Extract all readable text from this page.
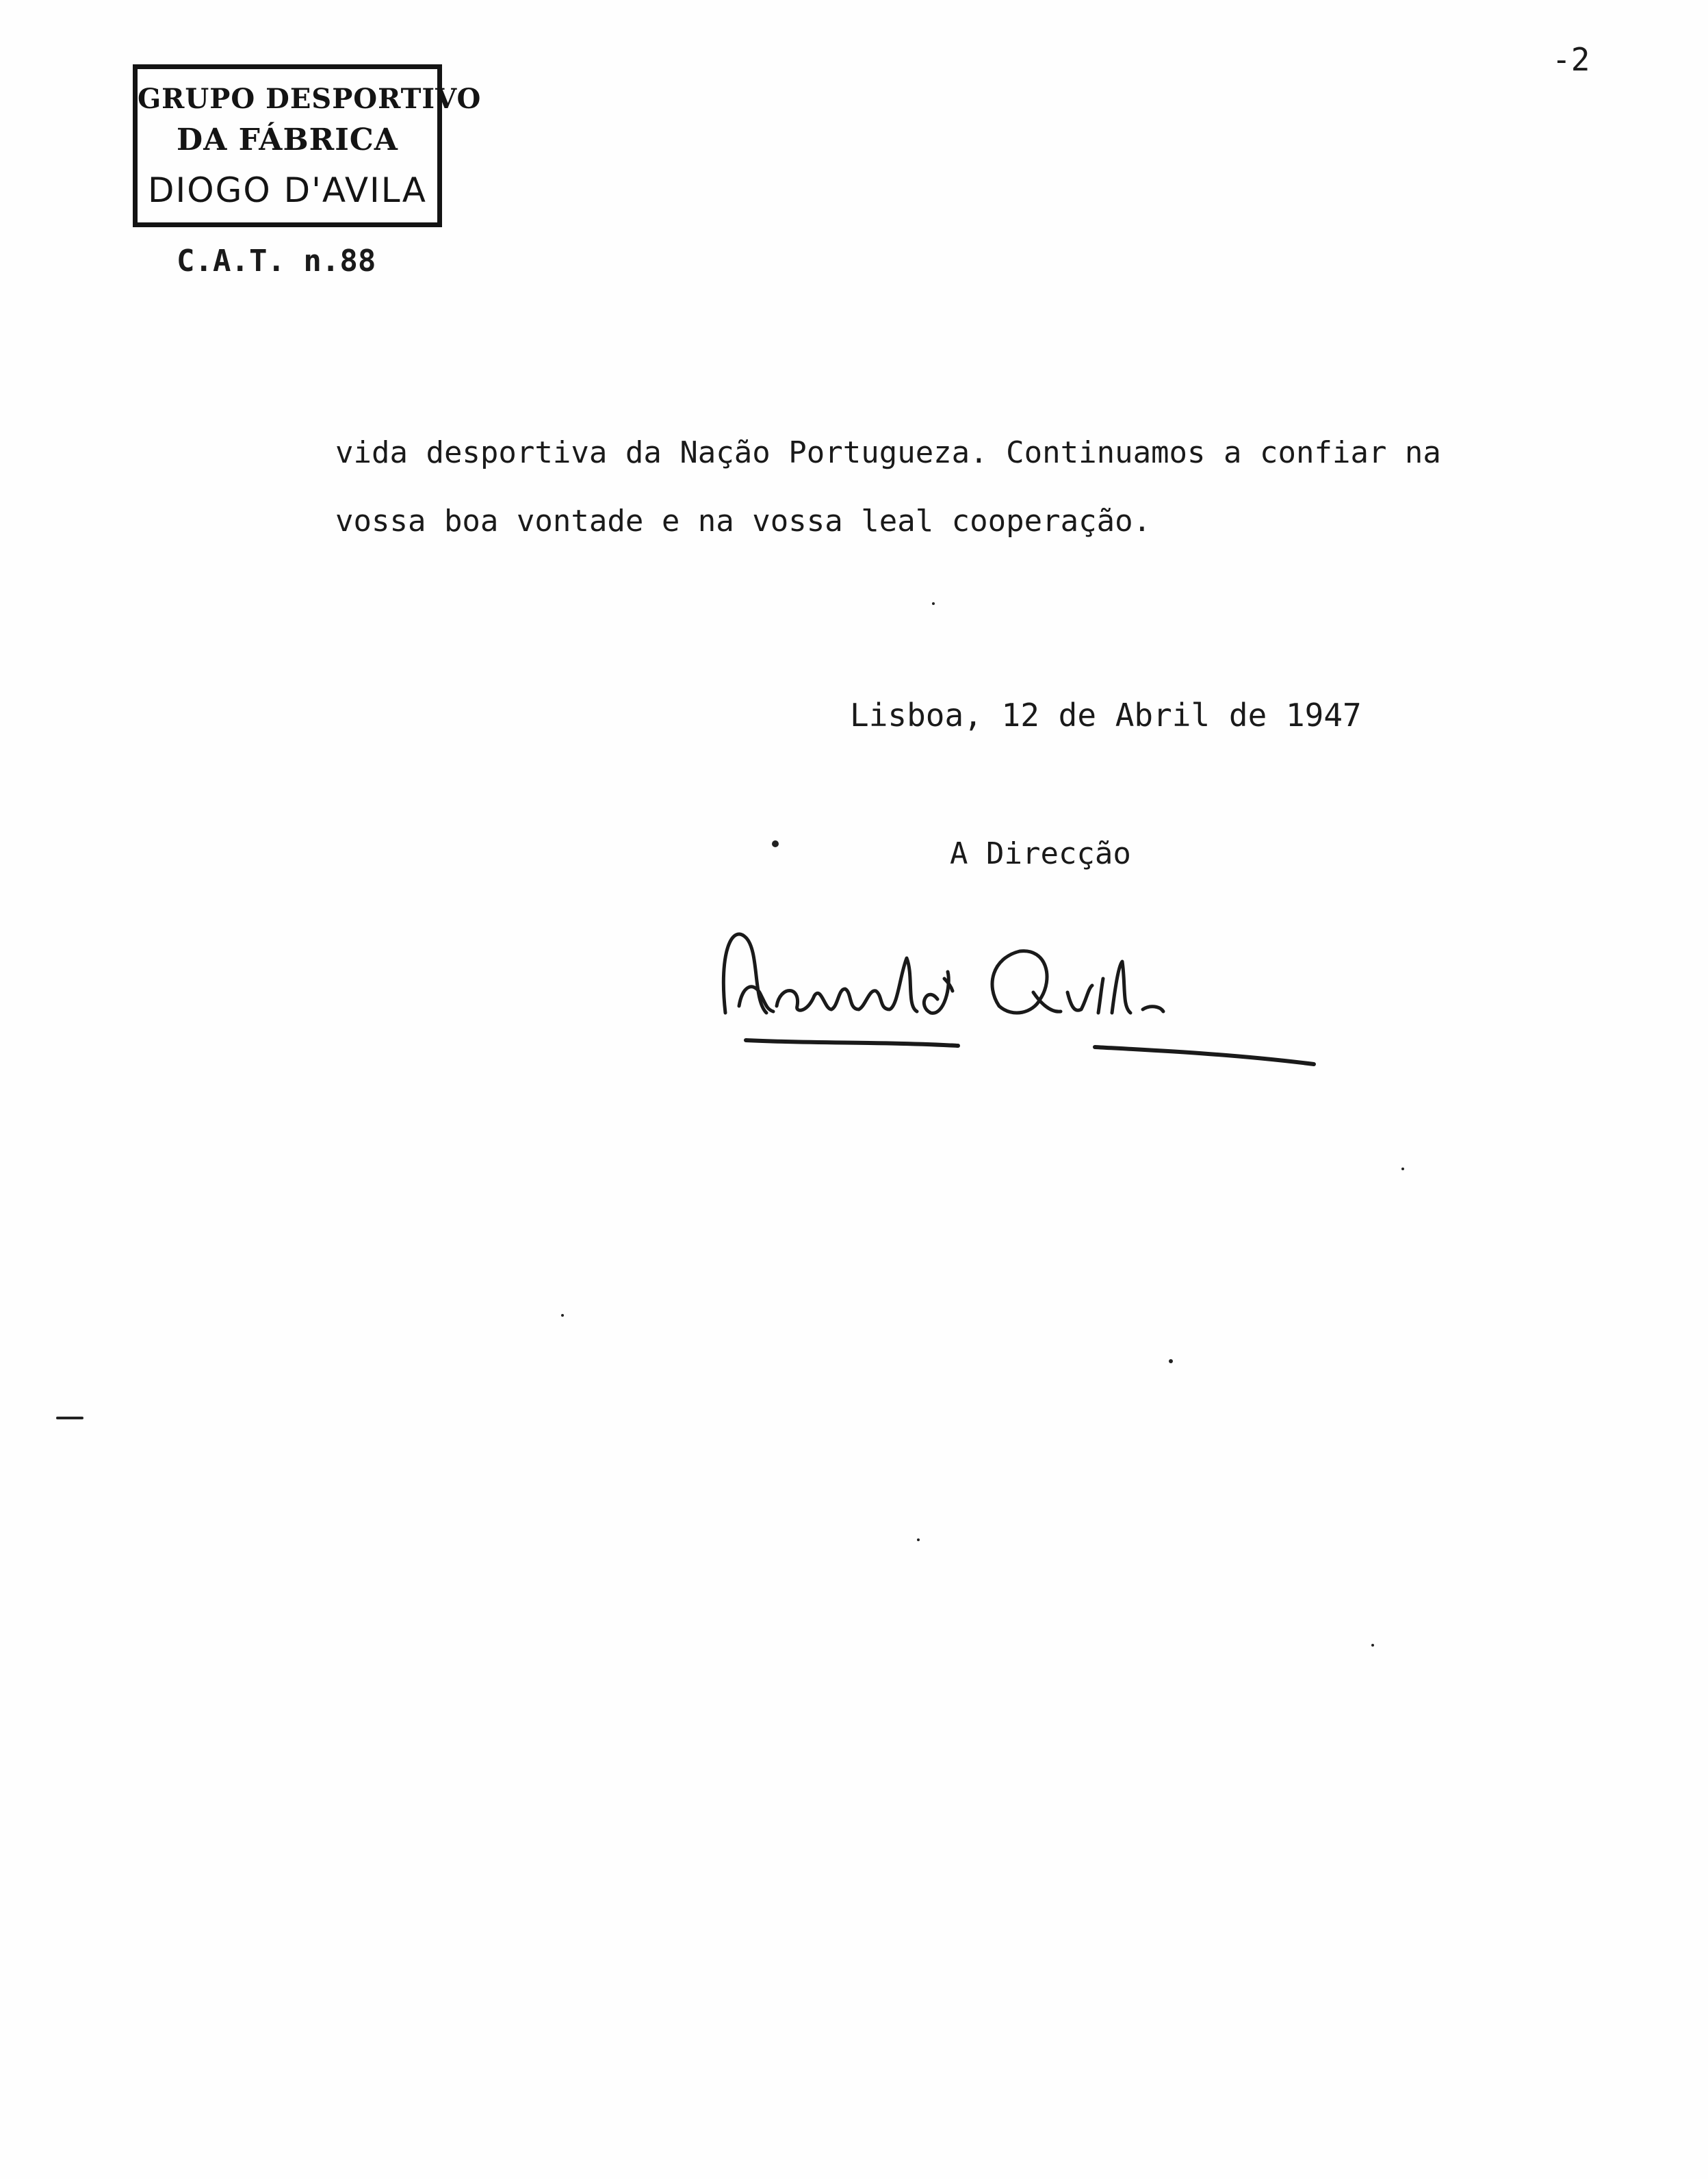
GRUPO DESPORTIVO
DA FÁBRICA
DIOGO D'AVILA
-2
C.A.T. n.88
vida desportiva da Nação Portugueza. Continuamos a confiar na
vossa boa vontade e na vossa leal cooperação.
Lisboa, 12 de Abril de 1947
A Direcção
